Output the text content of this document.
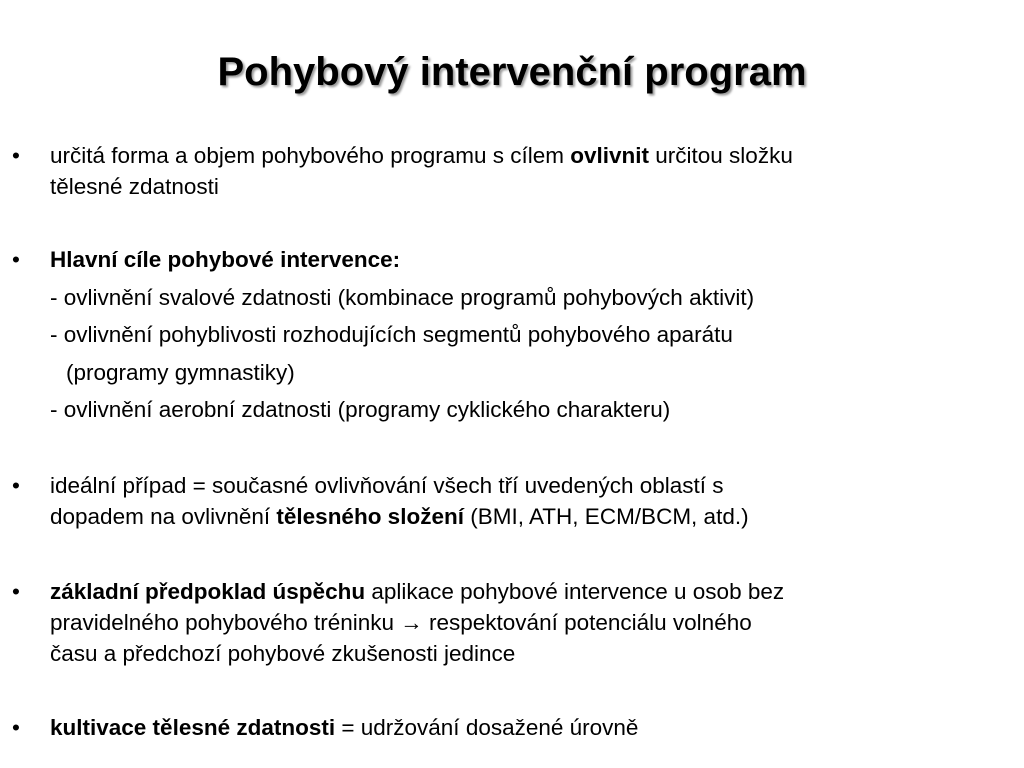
Pohybový intervenční program
•	určitá forma a objem pohybového programu s cílem ovlivnit určitou složku
tělesné zdatnosti
•	Hlavní cíle pohybové intervence:
- ovlivnění svalové zdatnosti (kombinace programů pohybových aktivit)
- ovlivnění pohyblivosti rozhodujících segmentů pohybového aparátu
(programy gymnastiky)
- ovlivnění aerobní zdatnosti (programy cyklického charakteru)
•	ideální případ = současné ovlivňování všech tří uvedených oblastí s
dopadem na ovlivnění tělesného složení (BMI, ATH, ECM/BCM, atd.)
•	základní předpoklad úspěchu aplikace pohybové intervence u osob bez
pravidelného pohybového tréninku → respektování potenciálu volného
času a předchozí pohybové zkušenosti jedince
•	kultivace tělesné zdatnosti = udržování dosažené úrovně
